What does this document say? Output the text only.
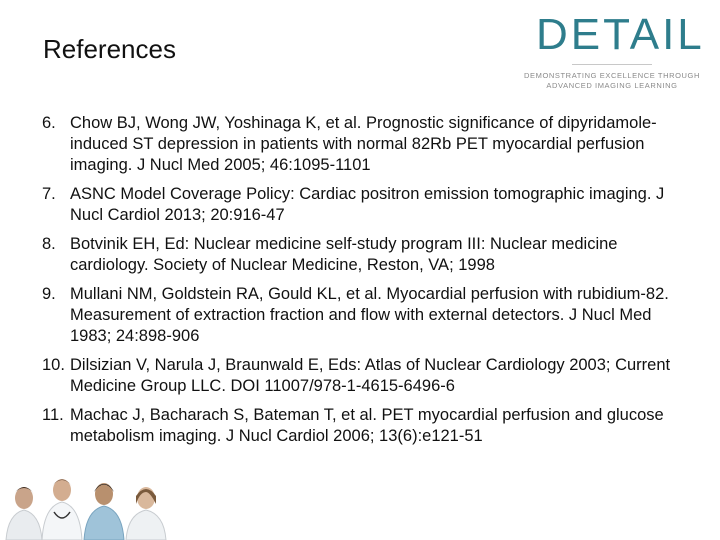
References	DETAIL
DEMONSTRATING EXCELLENCE THROUGH
ADVANCED IMAGING LEARNING
6. Chow BJ, Wong JW, Yoshinaga K, et al. Prognostic significance of dipyridamole-induced ST depression in patients with normal 82Rb PET myocardial perfusion imaging. J Nucl Med 2005; 46:1095-1101
7. ASNC Model Coverage Policy: Cardiac positron emission tomographic imaging. J Nucl Cardiol 2013; 20:916-47
8. Botvinik EH, Ed: Nuclear medicine self-study program III: Nuclear medicine cardiology. Society of Nuclear Medicine, Reston, VA; 1998
9. Mullani NM, Goldstein RA, Gould KL, et al. Myocardial perfusion with rubidium-82. Measurement of extraction fraction and flow with external detectors. J Nucl Med 1983; 24:898-906
10. Dilsizian V, Narula J, Braunwald E, Eds: Atlas of Nuclear Cardiology 2003; Current Medicine Group LLC. DOI 11007/978-1-4615-6496-6
11. Machac J, Bacharach S, Bateman T, et al. PET myocardial perfusion and glucose metabolism imaging. J Nucl Cardiol 2006; 13(6):e121-51
